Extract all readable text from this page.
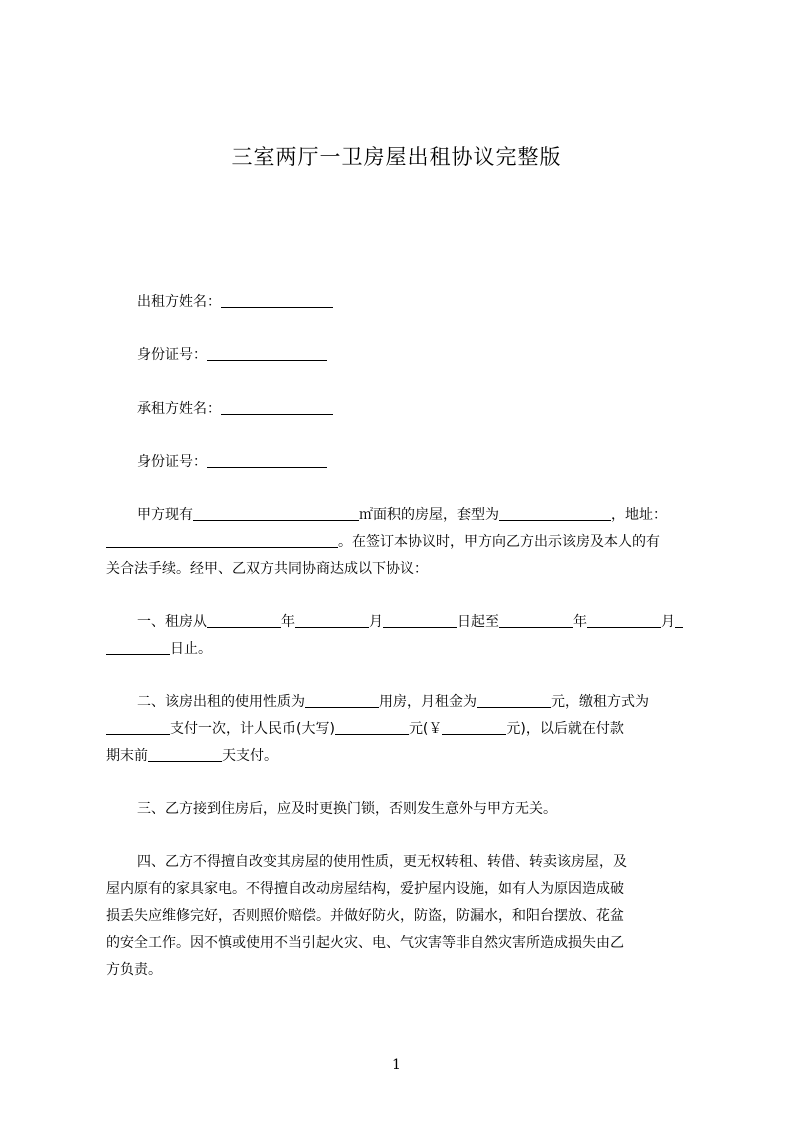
三室两厅一卫房屋出租协议完整版
出租方姓名：
身份证号：
承租方姓名：
身份证号：
甲方现有	㎡面积的房屋，套型为	，地址：
。在签订本协议时，甲方向乙方出示该房及本人的有
关合法手续。经甲、乙双方共同协商达成以下协议：
一、租房从	年	月	日起至	年	月
日止。
二、该房出租的使用性质为	用房，月租金为	元，缴租方式为
支付一次，计人民币(大写)	元(￥	元)，以后就在付款
期末前	天支付。
三、乙方接到住房后，应及时更换门锁，否则发生意外与甲方无关。
四、乙方不得擅自改变其房屋的使用性质，更无权转租、转借、转卖该房屋，及
屋内原有的家具家电。不得擅自改动房屋结构，爱护屋内设施，如有人为原因造成破
损丢失应维修完好，否则照价赔偿。并做好防火，防盗，防漏水，和阳台摆放、花盆
的安全工作。因不慎或使用不当引起火灾、电、气灾害等非自然灾害所造成损失由乙
方负责。
1
